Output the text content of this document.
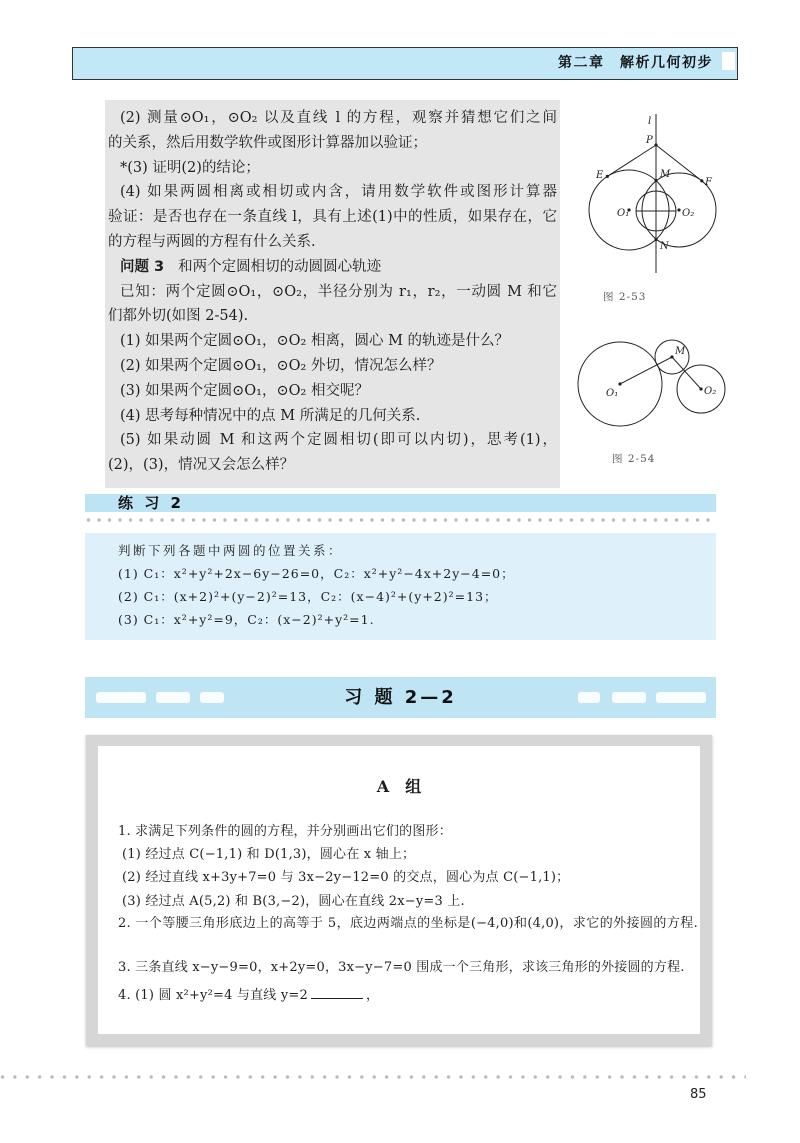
第二章　解析几何初步
(2) 测量⊙O₁，⊙O₂ 以及直线 l 的方程，观察并猜想它们之间
的关系，然后用数学软件或图形计算器加以验证；
*(3) 证明(2)的结论；
(4) 如果两圆相离或相切或内含，请用数学软件或图形计算器
验证：是否也存在一条直线 l，具有上述(1)中的性质，如果存在，它
的方程与两圆的方程有什么关系.
问题 3 和两个定圆相切的动圆圆心轨迹
已知：两个定圆⊙O₁，⊙O₂，半径分别为 r₁，r₂，一动圆 M 和它
们都外切(如图 2-54).
(1) 如果两个定圆⊙O₁，⊙O₂ 相离，圆心 M 的轨迹是什么？
(2) 如果两个定圆⊙O₁，⊙O₂ 外切，情况怎么样？
(3) 如果两个定圆⊙O₁，⊙O₂ 相交呢？
(4) 思考每种情况中的点 M 所满足的几何关系.
(5) 如果动圆 M 和这两个定圆相切(即可以内切)，思考(1)，
(2)，(3)，情况又会怎么样？
l
P
E	M
F
O₁	O₂
N
图 2-53
M
O₁	O₂
图 2-54
练 习 2
判断下列各题中两圆的位置关系：
(1) C₁：x²+y²+2x−6y−26=0，C₂：x²+y²−4x+2y−4=0；
(2) C₁：(x+2)²+(y−2)²=13，C₂：(x−4)²+(y+2)²=13；
(3) C₁：x²+y²=9，C₂：(x−2)²+y²=1.
习 题 2—2
A　组
1. 求满足下列条件的圆的方程，并分别画出它们的图形：
(1) 经过点 C(−1,1) 和 D(1,3)，圆心在 x 轴上；
(2) 经过直线 x+3y+7=0 与 3x−2y−12=0 的交点，圆心为点 C(−1,1)；
(3) 经过点 A(5,2) 和 B(3,−2)，圆心在直线 2x−y=3 上.
2. 一个等腰三角形底边上的高等于 5，底边两端点的坐标是(−4,0)和(4,0)，求它的外接圆的方程.
3. 三条直线 x−y−9=0，x+2y=0，3x−y−7=0 围成一个三角形，求该三角形的外接圆的方程.
4. (1) 圆 x²+y²=4 与直线 y=2	，
85
